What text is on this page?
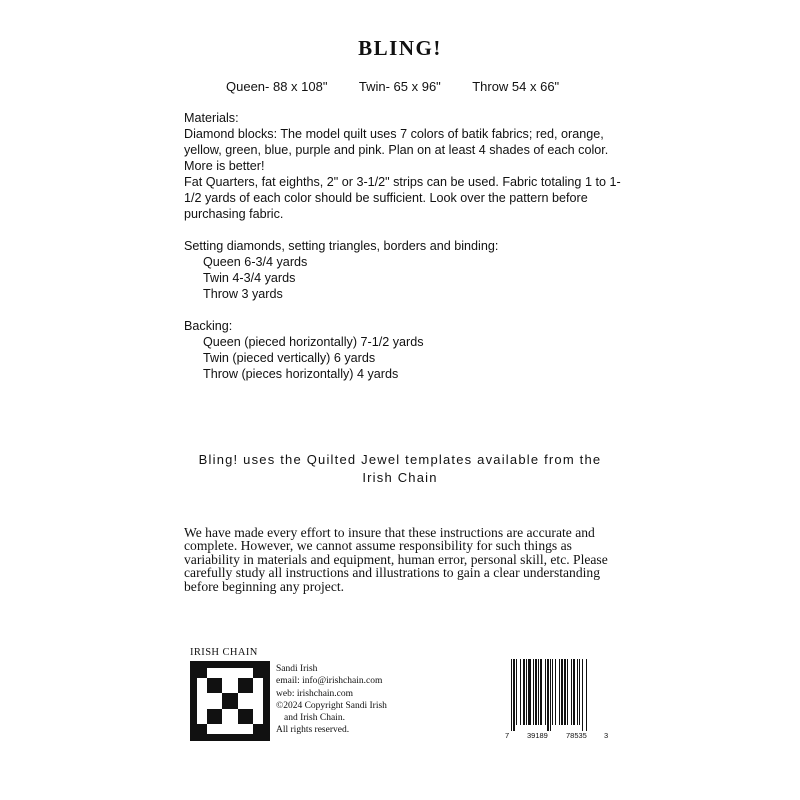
BLING!
Queen- 88 x 108" Twin- 65 x 96" Throw 54 x 66"

Materials:

Diamond blocks: The model quilt uses 7 colors of batik fabrics; red, orange, yellow, green, blue, purple and pink. Plan on at least 4 shades of each color. More is better!

Fat Quarters, fat eighths, 2" or 3-1/2" strips can be used. Fabric totaling 1 to 1-1/2 yards of each color should be sufficient. Look over the pattern before purchasing fabric.

Setting diamonds, setting triangles, borders and binding:

Queen 6-3/4 yards

Twin 4-3/4 yards

Throw 3 yards

Backing:

Queen (pieced horizontally) 7-1/2 yards

Twin (pieced vertically) 6 yards

Throw (pieces horizontally) 4 yards

Bling! uses the Quilted Jewel templates available from the
Irish Chain
We have made every effort to insure that these instructions are accurate and complete. However, we cannot assume responsibility for such things as variability in materials and equipment, human error, personal skill, etc. Please carefully study all instructions and illustrations to gain a clear understanding before beginning any project.
IRISH CHAIN
Sandi Irish
email: info@irishchain.com
web: irishchain.com
©2024 Copyright Sandi Irish
and Irish Chain.
All rights reserved.
7 39189 78535 3
